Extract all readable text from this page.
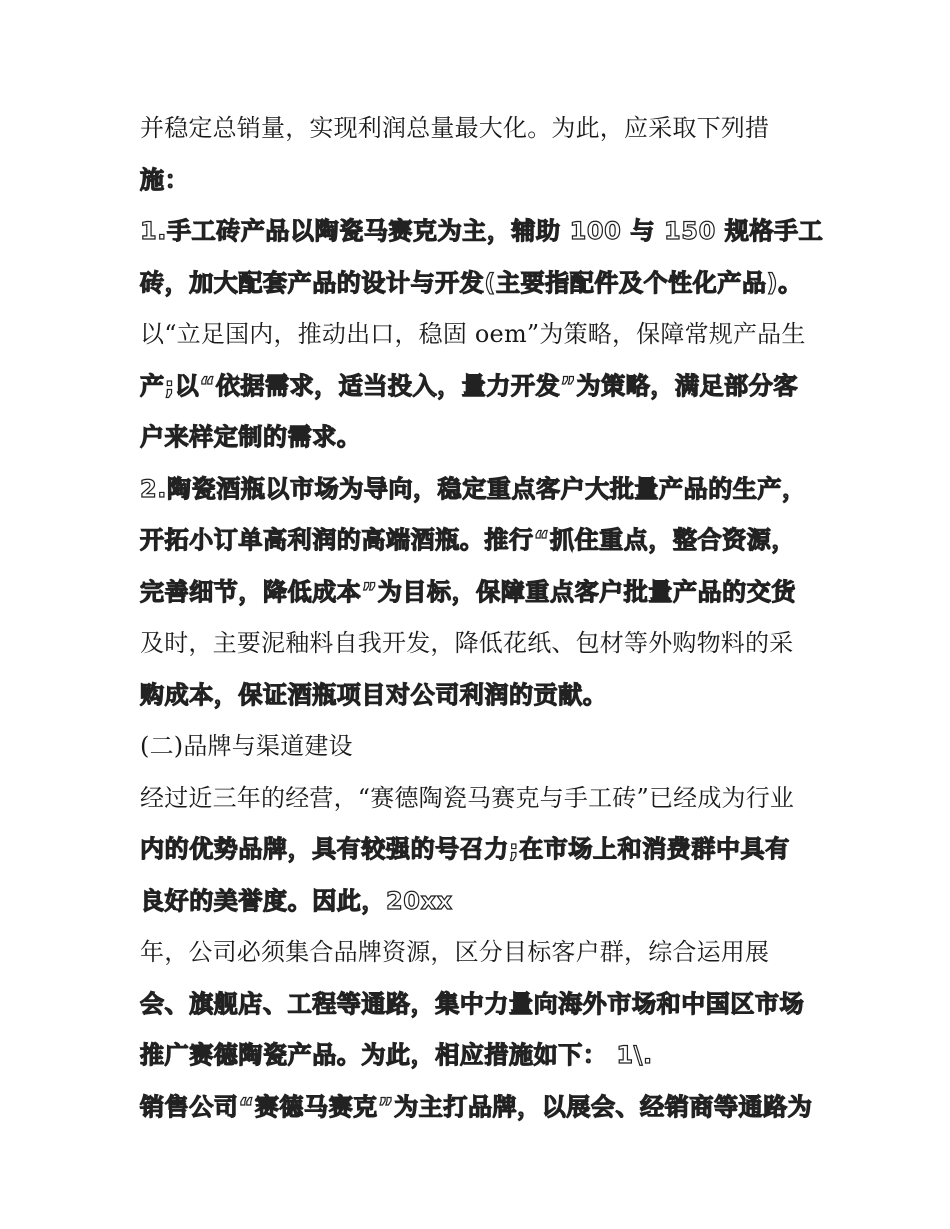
并稳定总销量，实现利润总量最大化。为此，应采取下列措
施：
1.手工砖产品以陶瓷马赛克为主，辅助 100 与 150 规格手工
砖，加大配套产品的设计与开发(主要指配件及个性化产品)。
以“立足国内，推动出口，稳固 oem”为策略，保障常规产品生
产;以“依据需求，适当投入，量力开发”为策略，满足部分客
户来样定制的需求。
2.陶瓷酒瓶以市场为导向，稳定重点客户大批量产品的生产，
开拓小订单高利润的高端酒瓶。推行“抓住重点，整合资源，
完善细节，降低成本”为目标，保障重点客户批量产品的交货
及时，主要泥釉料自我开发，降低花纸、包材等外购物料的采
购成本，保证酒瓶项目对公司利润的贡献。
(二)品牌与渠道建设
经过近三年的经营，“赛德陶瓷马赛克与手工砖”已经成为行业
内的优势品牌，具有较强的号召力;在市场上和消费群中具有
良好的美誉度。因此，20xx
年，公司必须集合品牌资源，区分目标客户群，综合运用展
会、旗舰店、工程等通路，集中力量向海外市场和中国区市场
推广赛德陶瓷产品。为此，相应措施如下： 1\.
销售公司“赛德马赛克”为主打品牌，以展会、经销商等通路为
